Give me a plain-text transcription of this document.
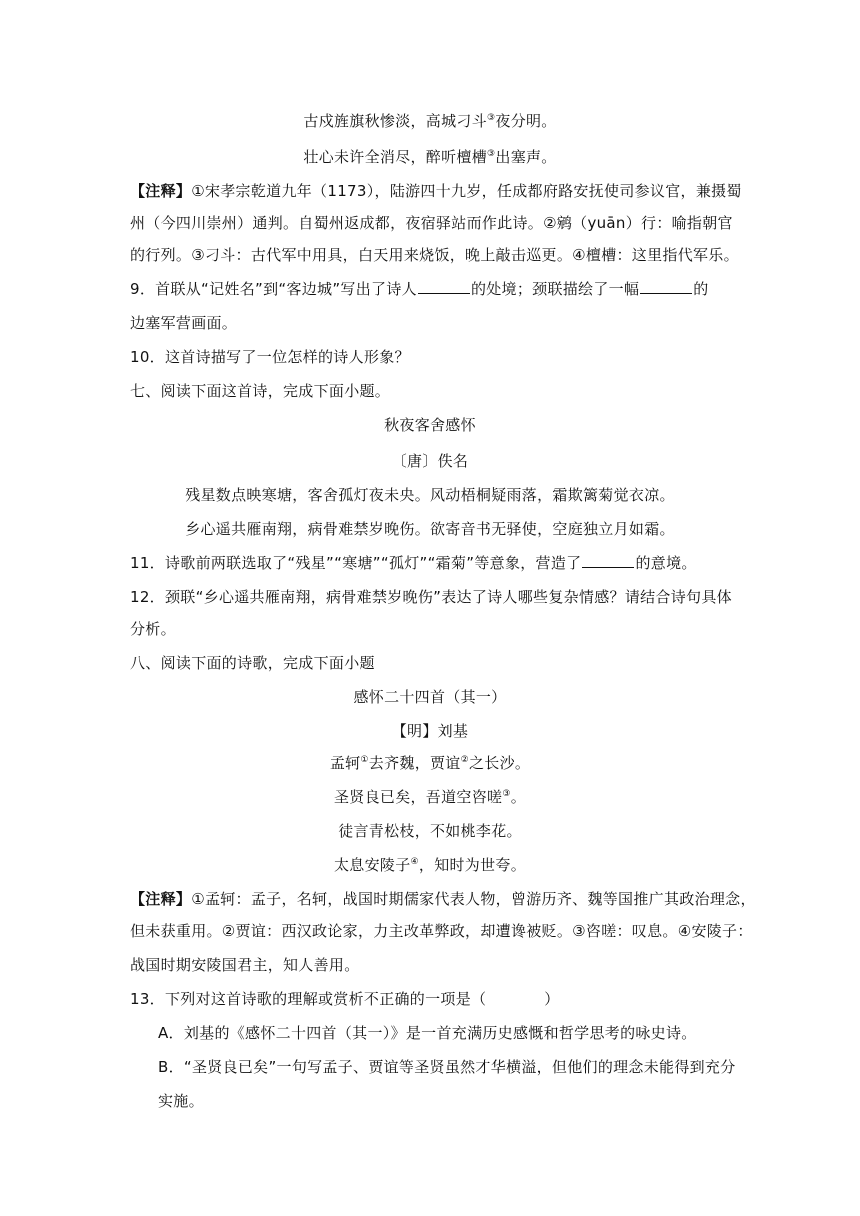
古戍旌旗秋惨淡，高城刁斗③夜分明。
壮心未许全消尽，醉听檀槽③出塞声。
【注释】①宋孝宗乾道九年（1173），陆游四十九岁，任成都府路安抚使司参议官，兼摄蜀
州（今四川崇州）通判。自蜀州返成都，夜宿驿站而作此诗。②鹓（yuān）行：喻指朝官
的行列。③刁斗：古代军中用具，白天用来烧饭，晚上敲击巡更。④檀槽：这里指代军乐。
9．首联从“记姓名”到“客边城”写出了诗人	的处境；颈联描绘了一幅	的
边塞军营画面。
10．这首诗描写了一位怎样的诗人形象？
七、阅读下面这首诗，完成下面小题。
秋夜客舍感怀
〔唐〕佚名
残星数点映寒塘，客舍孤灯夜未央。风动梧桐疑雨落，霜欺篱菊觉衣凉。
乡心遥共雁南翔，病骨难禁岁晚伤。欲寄音书无驿使，空庭独立月如霜。
11．诗歌前两联选取了“残星”“寒塘”“孤灯”“霜菊”等意象，营造了	的意境。
12．颈联“乡心遥共雁南翔，病骨难禁岁晚伤”表达了诗人哪些复杂情感？请结合诗句具体
分析。
八、阅读下面的诗歌，完成下面小题
感怀二十四首（其一）
【明】刘基
孟轲①去齐魏，贾谊②之长沙。
圣贤良已矣，吾道空咨嗟③。
徒言青松枝，不如桃李花。
太息安陵子④，知时为世夸。
【注释】①孟轲：孟子，名轲，战国时期儒家代表人物，曾游历齐、魏等国推广其政治理念，
但未获重用。②贾谊：西汉政论家，力主改革弊政，却遭谗被贬。③咨嗟：叹息。④安陵子：
战国时期安陵国君主，知人善用。
13．下列对这首诗歌的理解或赏析不正确的一项是（	）
A．刘基的《感怀二十四首（其一）》是一首充满历史感慨和哲学思考的咏史诗。
B．“圣贤良已矣”一句写孟子、贾谊等圣贤虽然才华横溢，但他们的理念未能得到充分
实施。
